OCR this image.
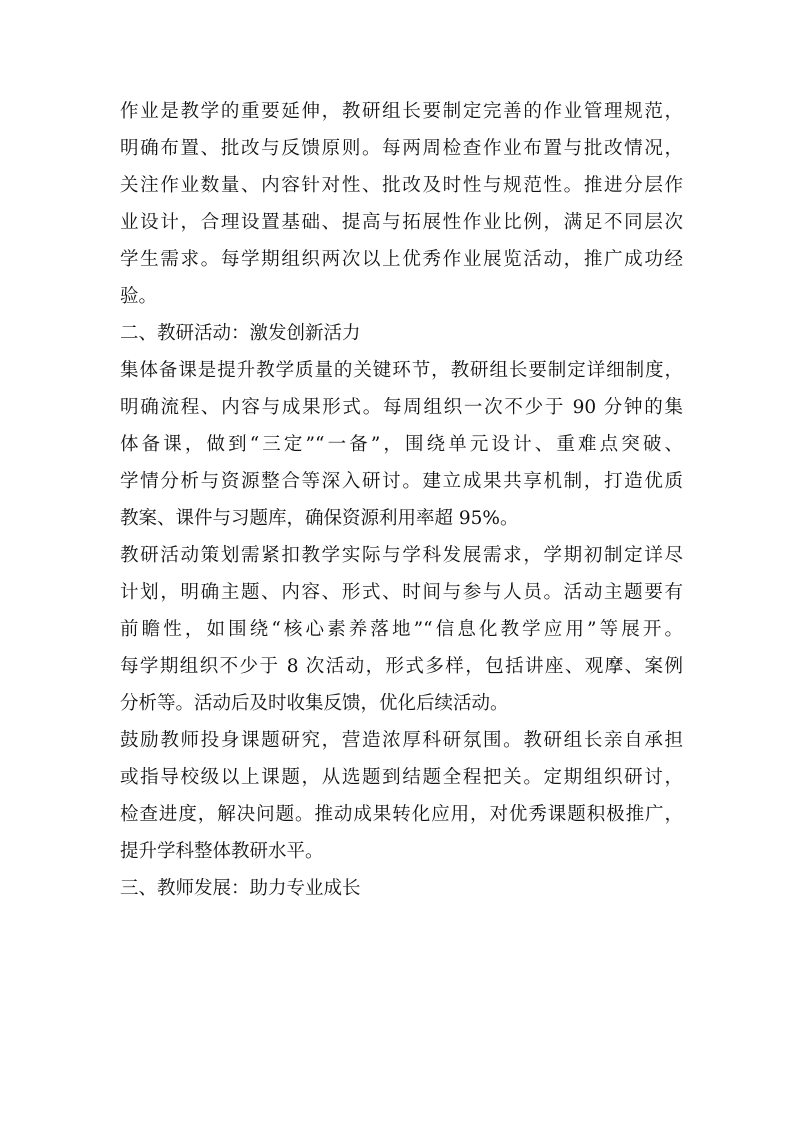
作业是教学的重要延伸，教研组长要制定完善的作业管理规范，
明确布置、批改与反馈原则。每两周检查作业布置与批改情况，
关注作业数量、内容针对性、批改及时性与规范性。推进分层作
业设计，合理设置基础、提高与拓展性作业比例，满足不同层次
学生需求。每学期组织两次以上优秀作业展览活动，推广成功经
验。
二、教研活动：激发创新活力
集体备课是提升教学质量的关键环节，教研组长要制定详细制度，
明确流程、内容与成果形式。每周组织一次不少于 90 分钟的集
体备课，做到“三定”“一备”，围绕单元设计、重难点突破、
学情分析与资源整合等深入研讨。建立成果共享机制，打造优质
教案、课件与习题库，确保资源利用率超 95%。
教研活动策划需紧扣教学实际与学科发展需求，学期初制定详尽
计划，明确主题、内容、形式、时间与参与人员。活动主题要有
前瞻性，如围绕“核心素养落地”“信息化教学应用”等展开。
每学期组织不少于 8 次活动，形式多样，包括讲座、观摩、案例
分析等。活动后及时收集反馈，优化后续活动。
鼓励教师投身课题研究，营造浓厚科研氛围。教研组长亲自承担
或指导校级以上课题，从选题到结题全程把关。定期组织研讨，
检查进度，解决问题。推动成果转化应用，对优秀课题积极推广，
提升学科整体教研水平。
三、教师发展：助力专业成长
